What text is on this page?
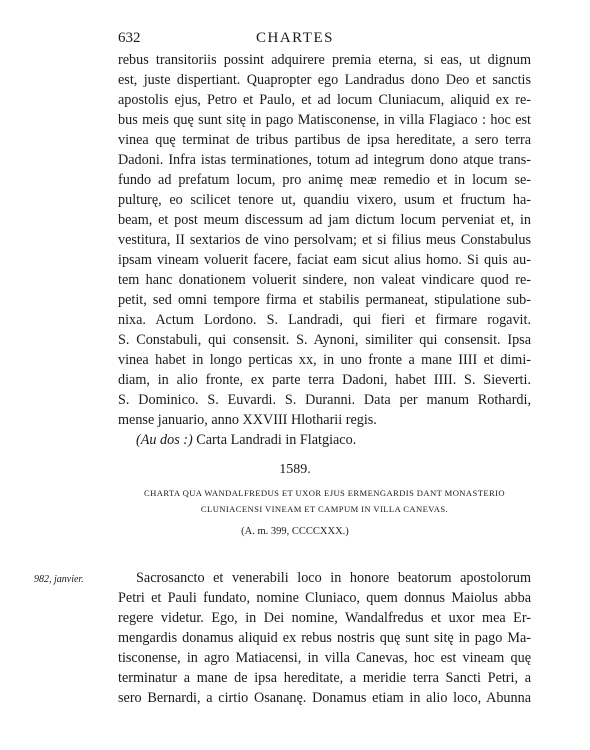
632	CHARTES
rebus transitoriis possint adquirere premia eterna, si eas, ut dignum
est, juste dispertiant. Quapropter ego Landradus dono Deo et sanctis
apostolis ejus, Petro et Paulo, et ad locum Cluniacum, aliquid ex re-
bus meis quę sunt sitę in pago Matisconense, in villa Flagiaco : hoc est
vinea quę terminat de tribus partibus de ipsa hereditate, a sero terra
Dadoni. Infra istas terminationes, totum ad integrum dono atque trans-
fundo ad prefatum locum, pro animę meæ remedio et in locum se-
pulturę, eo scilicet tenore ut, quandiu vixero, usum et fructum ha-
beam, et post meum discessum ad jam dictum locum perveniat et, in
vestitura, II sextarios de vino persolvam; et si filius meus Constabulus
ipsam vineam voluerit facere, faciat eam sicut alius homo. Si quis au-
tem hanc donationem voluerit sindere, non valeat vindicare quod re-
petit, sed omni tempore firma et stabilis permaneat, stipulatione sub-
nixa. Actum Lordono. S. Landradi, qui fieri et firmare rogavit.
S. Constabuli, qui consensit. S. Aynoni, similiter qui consensit. Ipsa
vinea habet in longo perticas xx, in uno fronte a mane IIII et dimi-
diam, in alio fronte, ex parte terra Dadoni, habet IIII. S. Sieverti.
S. Dominico. S. Euvardi. S. Duranni. Data per manum Rothardi,
mense januario, anno XXVIII Hlotharii regis.
(Au dos :) Carta Landradi in Flatgiaco.
1589.
CHARTA QUA WANDALFREDUS ET UXOR EJUS ERMENGARDIS DANT MONASTERIO
CLUNIACENSI VINEAM ET CAMPUM IN VILLA CANEVAS.
(A. m. 399, CCCCXXX.)
982, janvier.	Sacrosancto et venerabili loco in honore beatorum apostolorum
Petri et Pauli fundato, nomine Cluniaco, quem donnus Maiolus abba
regere videtur. Ego, in Dei nomine, Wandalfredus et uxor mea Er-
mengardis donamus aliquid ex rebus nostris quę sunt sitę in pago Ma-
tisconense, in agro Matiacensi, in villa Canevas, hoc est vineam quę
terminatur a mane de ipsa hereditate, a meridie terra Sancti Petri, a
sero Bernardi, a cirtio Osananę. Donamus etiam in alio loco, Abunna
